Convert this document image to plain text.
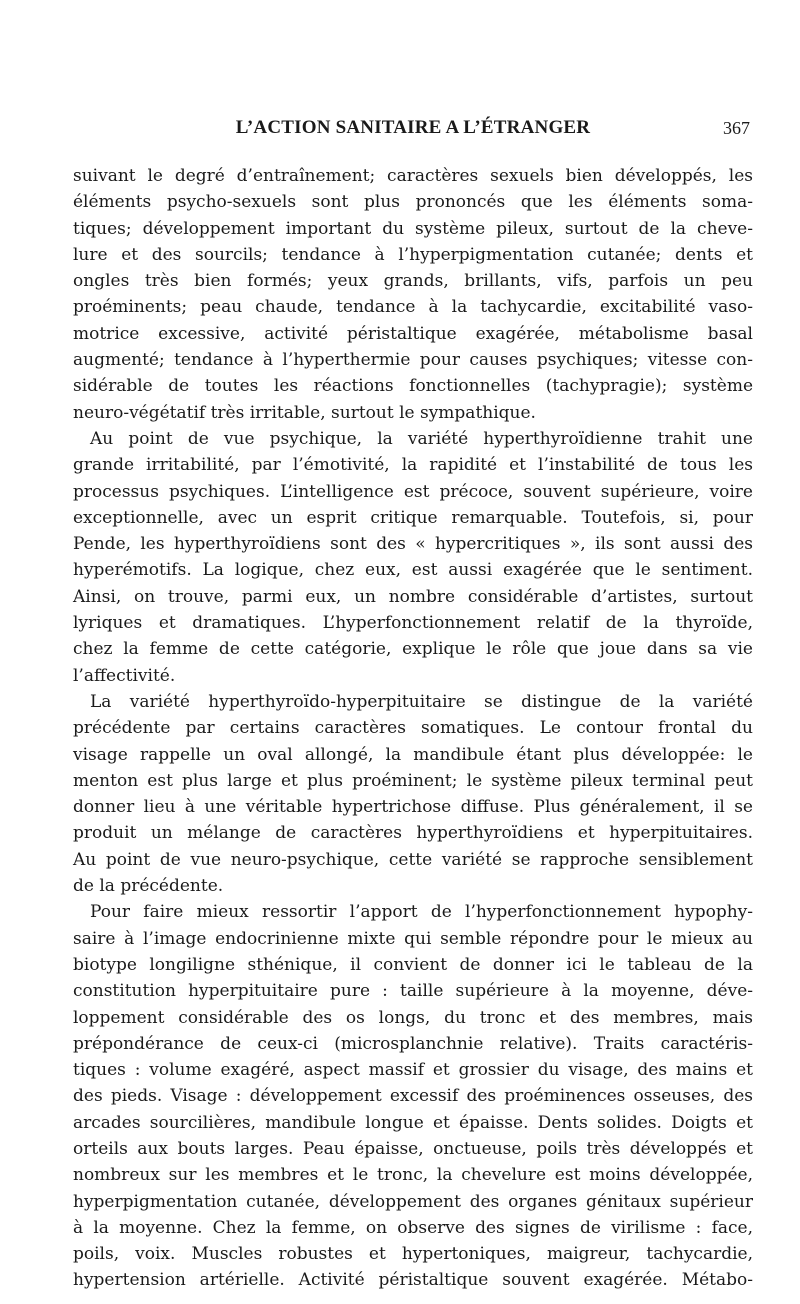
L’ACTION SANITAIRE A L’ÉTRANGER	367
suivant le degré d’entraînement; caractères sexuels bien développés, les
éléments psycho-sexuels sont plus prononcés que les éléments soma-
tiques; développement important du système pileux, surtout de la cheve-
lure et des sourcils; tendance à l’hyperpigmentation cutanée; dents et
ongles très bien formés; yeux grands, brillants, vifs, parfois un peu
proéminents; peau chaude, tendance à la tachycardie, excitabilité vaso-
motrice excessive, activité péristaltique exagérée, métabolisme basal
augmenté; tendance à l’hyperthermie pour causes psychiques; vitesse con-
sidérable de toutes les réactions fonctionnelles (tachypragie); système
neuro-végétatif très irritable, surtout le sympathique.
Au point de vue psychique, la variété hyperthyroïdienne trahit une
grande irritabilité, par l’émotivité, la rapidité et l’instabilité de tous les
processus psychiques. L’intelligence est précoce, souvent supérieure, voire
exceptionnelle, avec un esprit critique remarquable. Toutefois, si, pour
Pende, les hyperthyroïdiens sont des « hypercritiques », ils sont aussi des
hyperémotifs. La logique, chez eux, est aussi exagérée que le sentiment.
Ainsi, on trouve, parmi eux, un nombre considérable d’artistes, surtout
lyriques et dramatiques. L’hyperfonctionnement relatif de la thyroïde,
chez la femme de cette catégorie, explique le rôle que joue dans sa vie
l’affectivité.
La variété hyperthyroïdo-hyperpituitaire se distingue de la variété
précédente par certains caractères somatiques. Le contour frontal du
visage rappelle un oval allongé, la mandibule étant plus développée: le
menton est plus large et plus proéminent; le système pileux terminal peut
donner lieu à une véritable hypertrichose diffuse. Plus généralement, il se
produit un mélange de caractères hyperthyroïdiens et hyperpituitaires.
Au point de vue neuro-psychique, cette variété se rapproche sensiblement
de la précédente.
Pour faire mieux ressortir l’apport de l’hyperfonctionnement hypophy-
saire à l’image endocrinienne mixte qui semble répondre pour le mieux au
biotype longiligne sthénique, il convient de donner ici le tableau de la
constitution hyperpituitaire pure : taille supérieure à la moyenne, déve-
loppement considérable des os longs, du tronc et des membres, mais
prépondérance de ceux-ci (microsplanchnie relative). Traits caractéris-
tiques : volume exagéré, aspect massif et grossier du visage, des mains et
des pieds. Visage : développement excessif des proéminences osseuses, des
arcades sourcilières, mandibule longue et épaisse. Dents solides. Doigts et
orteils aux bouts larges. Peau épaisse, onctueuse, poils très développés et
nombreux sur les membres et le tronc, la chevelure est moins développée,
hyperpigmentation cutanée, développement des organes génitaux supérieur
à la moyenne. Chez la femme, on observe des signes de virilisme : face,
poils, voix. Muscles robustes et hypertoniques, maigreur, tachycardie,
hypertension artérielle. Activité péristaltique souvent exagérée. Métabo-
